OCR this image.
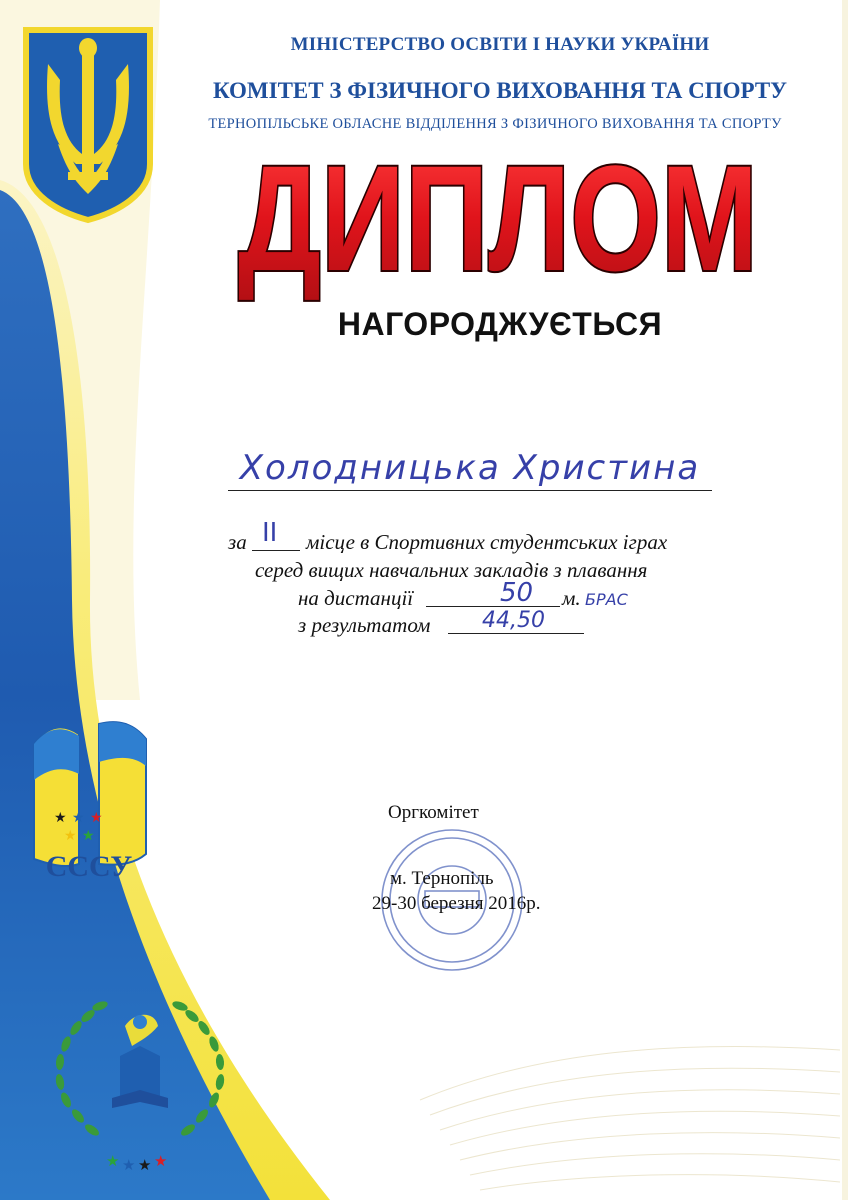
МІНІСТЕРСТВО ОСВІТИ І НАУКИ УКРАЇНИ
КОМІТЕТ З ФІЗИЧНОГО ВИХОВАННЯ ТА СПОРТУ
ТЕРНОПІЛЬСЬКЕ ОБЛАСНЕ ВІДДІЛЕННЯ З ФІЗИЧНОГО ВИХОВАННЯ ТА СПОРТУ
ДИПЛОМ
НАГОРОДЖУЄТЬСЯ
Холодницька Христина
за II місце в Спортивних студентських іграх
серед вищих навчальних закладів з плавання
на дистанції	50 м. БРАС
з результатом 44,50
★ ★ ★
★ ★
СССУ
★ ★ ★ ★
Оргкомітет
м. Тернопіль
29-30 березня 2016р.
